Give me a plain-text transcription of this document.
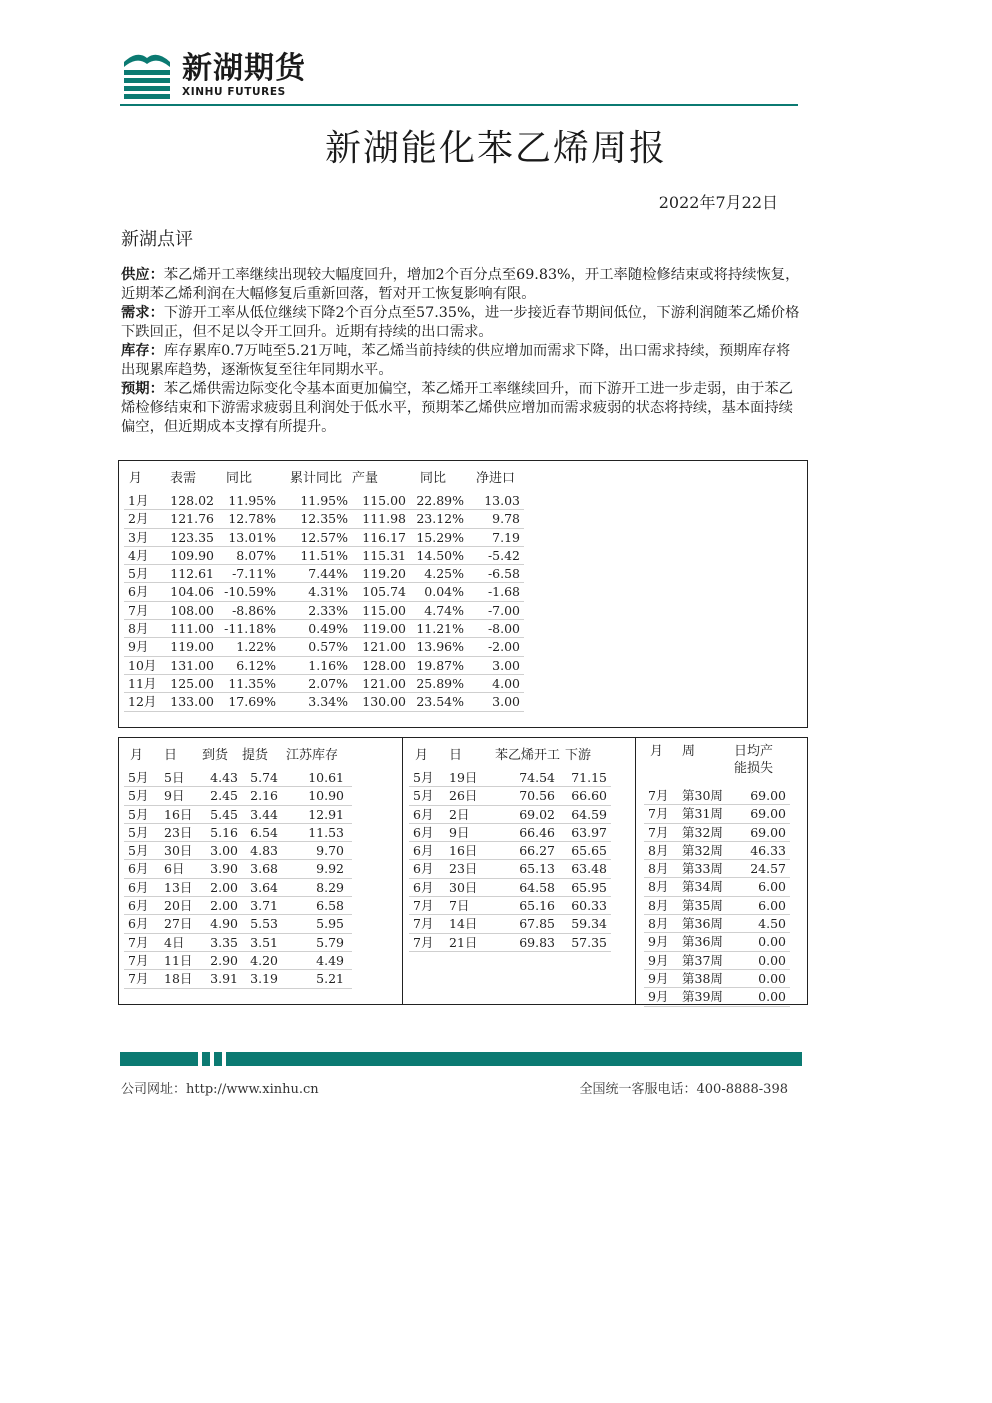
新湖期货
XINHU FUTURES
新湖能化苯乙烯周报
2022年7月22日
新湖点评

供应：苯乙烯开工率继续出现较大幅度回升，增加2个百分点至69.83%，开工率随检修结束或将持续恢复，近期苯乙烯利润在大幅修复后重新回落，暂对开工恢复影响有限。

需求：下游开工率从低位继续下降2个百分点至57.35%，进一步接近春节期间低位，下游利润随苯乙烯价格下跌回正，但不足以令开工回升。近期有持续的出口需求。

库存：库存累库0.7万吨至5.21万吨，苯乙烯当前持续的供应增加而需求下降，出口需求持续，预期库存将出现累库趋势，逐渐恢复至往年同期水平。

预期：苯乙烯供需边际变化令基本面更加偏空，苯乙烯开工率继续回升，而下游开工进一步走弱，由于苯乙烯检修结束和下游需求疲弱且利润处于低水平，预期苯乙烯供应增加而需求疲弱的状态将持续，基本面持续偏空，但近期成本支撑有所提升。

月	表需	同比	累计同比	产量	同比	净进口
1月	128.02	11.95%	11.95%	115.00	22.89%	13.03
2月	121.76	12.78%	12.35%	111.98	23.12%	9.78
3月	123.35	13.01%	12.57%	116.17	15.29%	7.19
4月	109.90	8.07%	11.51%	115.31	14.50%	-5.42
5月	112.61	-7.11%	7.44%	119.20	4.25%	-6.58
6月	104.06	-10.59%	4.31%	105.74	0.04%	-1.68
7月	108.00	-8.86%	2.33%	115.00	4.74%	-7.00
8月	111.00	-11.18%	0.49%	119.00	11.21%	-8.00
9月	119.00	1.22%	0.57%	121.00	13.96%	-2.00
10月	131.00	6.12%	1.16%	128.00	19.87%	3.00
11月	125.00	11.35%	2.07%	121.00	25.89%	4.00
12月	133.00	17.69%	3.34%	130.00	23.54%	3.00
月	日	到货	提货	江苏库存
5月	5日	4.43	5.74	10.61
5月	9日	2.45	2.16	10.90
5月	16日	5.45	3.44	12.91
5月	23日	5.16	6.54	11.53
5月	30日	3.00	4.83	9.70
6月	6日	3.90	3.68	9.92
6月	13日	2.00	3.64	8.29
6月	20日	2.00	3.71	6.58
6月	27日	4.90	5.53	5.95
7月	4日	3.35	3.51	5.79
7月	11日	2.90	4.20	4.49
7月	18日	3.91	3.19	5.21
月	日	苯乙烯开工	下游
5月	19日	74.54	71.15
5月	26日	70.56	66.60
6月	2日	69.02	64.59
6月	9日	66.46	63.97
6月	16日	66.27	65.65
6月	23日	65.13	63.48
6月	30日	64.58	65.95
7月	7日	65.16	60.33
7月	14日	67.85	59.34
7月	21日	69.83	57.35
月	周	日均产
能损失

7月	第30周	69.00
7月	第31周	69.00
7月	第32周	69.00
8月	第32周	46.33
8月	第33周	24.57
8月	第34周	6.00
8月	第35周	6.00
8月	第36周	4.50
9月	第36周	0.00
9月	第37周	0.00
9月	第38周	0.00
9月	第39周	0.00
公司网址：http://www.xinhu.cn	全国统一客服电话：400-8888-398
